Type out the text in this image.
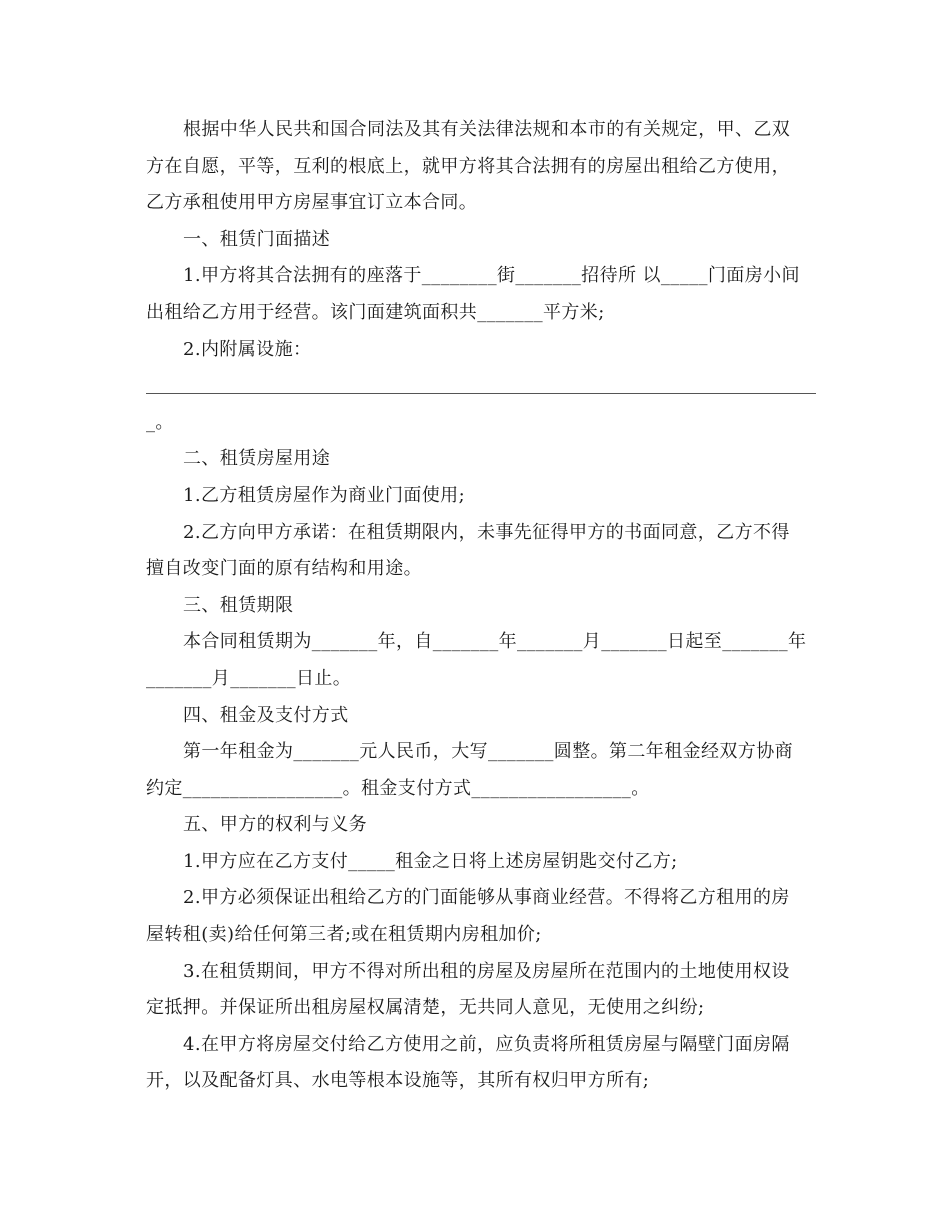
根据中华人民共和国合同法及其有关法律法规和本市的有关规定，甲、乙双
方在自愿，平等，互利的根底上，就甲方将其合法拥有的房屋出租给乙方使用，
乙方承租使用甲方房屋事宜订立本合同。
一、租赁门面描述
1.甲方将其合法拥有的座落于________街_______招待所 以_____门面房小间
出租给乙方用于经营。该门面建筑面积共_______平方米;
2.内附属设施：
_。
二、租赁房屋用途
1.乙方租赁房屋作为商业门面使用;
2.乙方向甲方承诺：在租赁期限内，未事先征得甲方的书面同意，乙方不得
擅自改变门面的原有结构和用途。
三、租赁期限
本合同租赁期为_______年，自_______年_______月_______日起至_______年
_______月_______日止。
四、租金及支付方式
第一年租金为_______元人民币，大写_______圆整。第二年租金经双方协商
约定_________________。租金支付方式_________________。
五、甲方的权利与义务
1.甲方应在乙方支付_____租金之日将上述房屋钥匙交付乙方;
2.甲方必须保证出租给乙方的门面能够从事商业经营。不得将乙方租用的房
屋转租(卖)给任何第三者;或在租赁期内房租加价;
3.在租赁期间，甲方不得对所出租的房屋及房屋所在范围内的土地使用权设
定抵押。并保证所出租房屋权属清楚，无共同人意见，无使用之纠纷;
4.在甲方将房屋交付给乙方使用之前，应负责将所租赁房屋与隔壁门面房隔
开，以及配备灯具、水电等根本设施等，其所有权归甲方所有;
